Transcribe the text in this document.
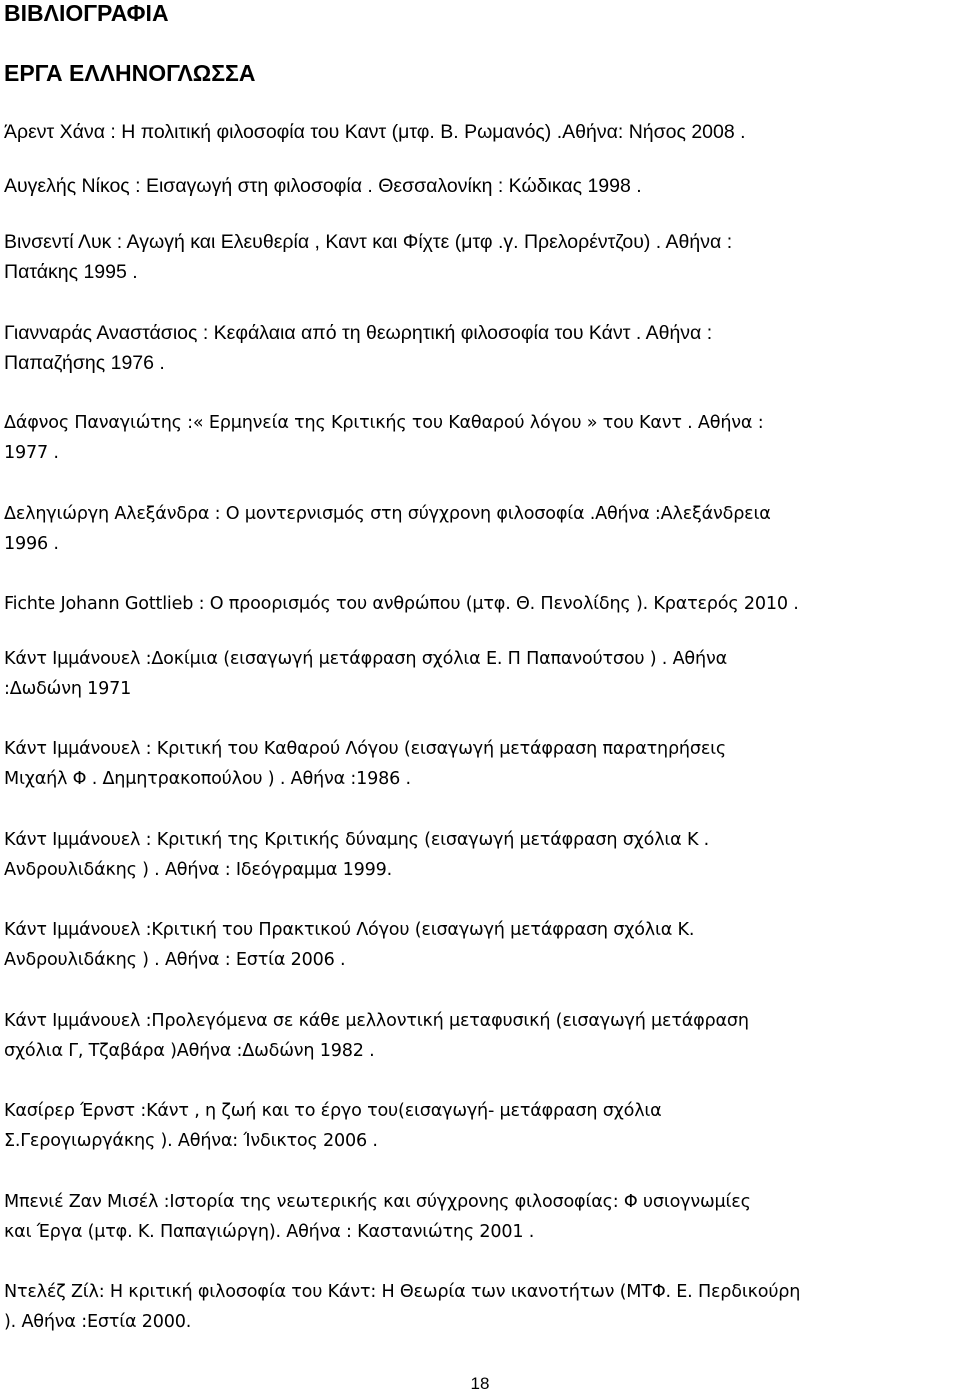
ΒΙΒΛΙΟΓΡΑΦΙΑ
ΕΡΓΑ ΕΛΛΗΝΟΓΛΩΣΣΑ

Άρεντ Χάνα : Η πολιτική φιλοσοφία του Καντ (μτφ. Β. Ρωμανός) .Αθήνα: Νήσος 2008 .

Αυγελής Νίκος : Εισαγωγή στη φιλοσοφία . Θεσσαλονίκη : Κώδικας 1998 .

Βινσεντί Λυκ : Αγωγή και Ελευθερία , Καντ και Φίχτε (μτφ .γ. Πρελορέντζου) . Αθήνα :
Πατάκης 1995 .

Γιανναράς Αναστάσιος : Κεφάλαια από τη θεωρητική φιλοσοφία του Κάντ . Αθήνα :
Παπαζήσης 1976 .

Δάφνος Παναγιώτης :« Ερμηνεία της Κριτικής του Καθαρού λόγου » του Καντ . Αθήνα :
1977 .

Δεληγιώργη Αλεξάνδρα : Ο μοντερνισμός στη σύγχρονη φιλοσοφία .Αθήνα :Αλεξάνδρεια
1996 .

Fichte Johann Gottlieb : Ο προορισμός του ανθρώπου (μτφ. Θ. Πενολίδης ). Κρατερός 2010 .

Κάντ Ιμμάνουελ :Δοκίμια (εισαγωγή μετάφραση σχόλια Ε. Π Παπανούτσου ) . Αθήνα
:Δωδώνη 1971

Κάντ Ιμμάνουελ : Κριτική του Καθαρού Λόγου (εισαγωγή μετάφραση παρατηρήσεις
Μιχαήλ Φ . Δημητρακοπούλου ) . Αθήνα :1986 .

Κάντ Ιμμάνουελ : Κριτική της Κριτικής δύναμης (εισαγωγή μετάφραση σχόλια Κ .
Ανδρουλιδάκης ) . Αθήνα : Ιδεόγραμμα 1999.

Κάντ Ιμμάνουελ :Κριτική του Πρακτικού Λόγου (εισαγωγή μετάφραση σχόλια Κ.
Ανδρουλιδάκης ) . Αθήνα : Εστία 2006 .

Κάντ Ιμμάνουελ :Προλεγόμενα σε κάθε μελλοντική μεταφυσική (εισαγωγή μετάφραση
σχόλια Γ, Τζαβάρα )Αθήνα :Δωδώνη 1982 .

Κασίρερ Έρνστ :Κάντ , η ζωή και το έργο του(εισαγωγή- μετάφραση σχόλια
Σ.Γερογιωργάκης ). Αθήνα: Ίνδικτος 2006 .

Μπενιέ Ζαν Μισέλ :Ιστορία της νεωτερικής και σύγχρονης φιλοσοφίας: Φ υσιογνωμίες
και Έργα (μτφ. Κ. Παπαγιώργη). Αθήνα : Καστανιώτης 2001 .

Ντελέζ Ζίλ: Η κριτική φιλοσοφία του Κάντ: Η Θεωρία των ικανοτήτων (ΜΤΦ. Ε. Περδικούρη
). Αθήνα :Εστία 2000.

18
